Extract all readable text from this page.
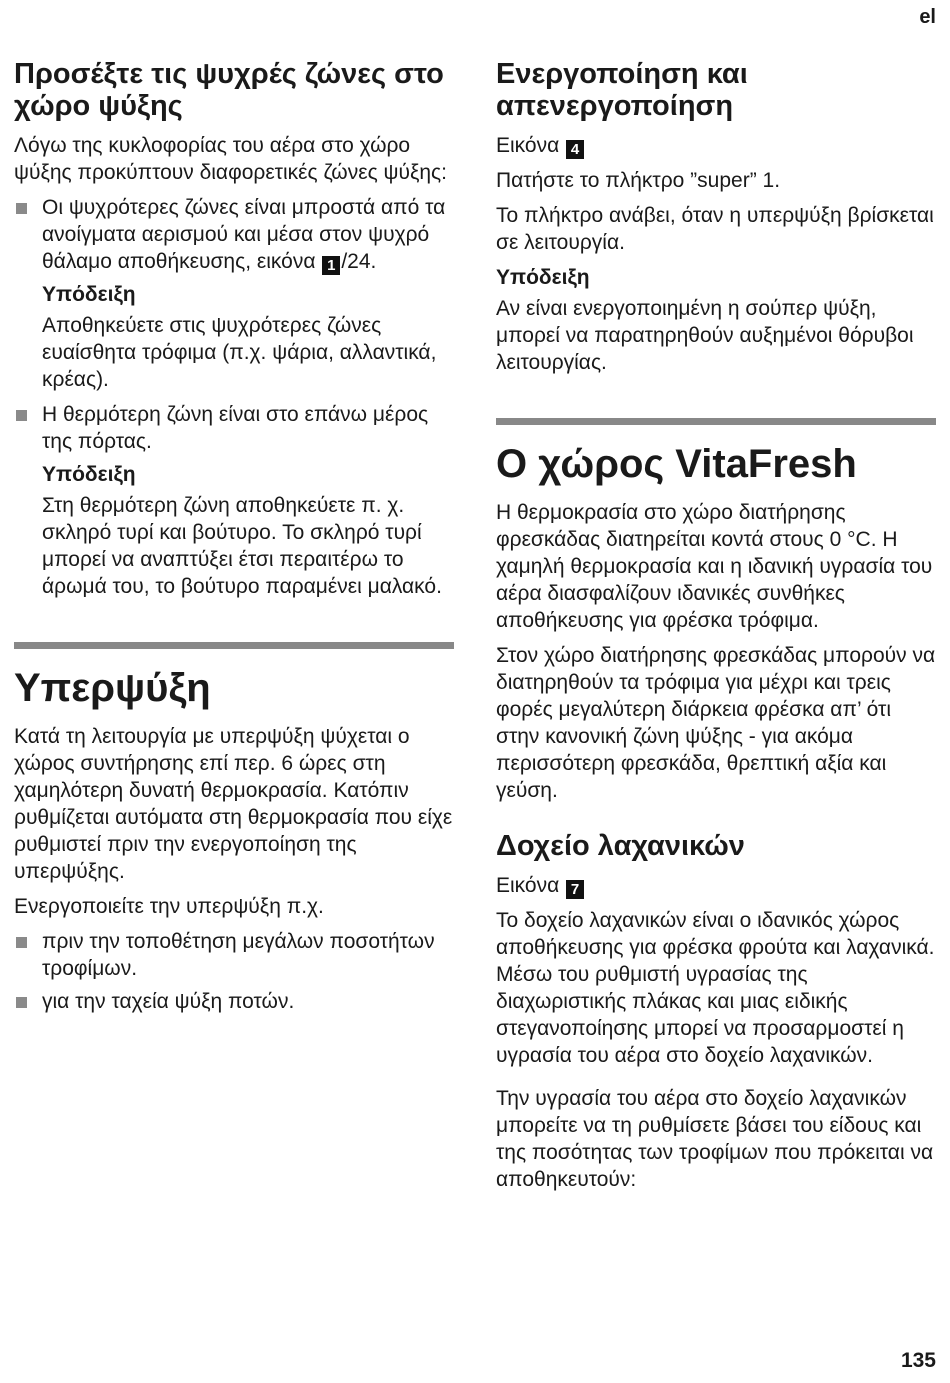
el
Προσέξτε τις ψυχρές ζώνες στο χώρο ψύξης

Λόγω της κυκλοφορίας του αέρα στο χώρο ψύξης προκύπτουν διαφορετικές ζώνες ψύξης:

Οι ψυχρότερες ζώνες είναι μπροστά από τα ανοίγματα αερισμού και μέσα στον ψυχρό θάλαμο αποθήκευσης, εικόνα 1 /24.

Υπόδειξη

Αποθηκεύετε στις ψυχρότερες ζώνες ευαίσθητα τρόφιμα (π.χ. ψάρια, αλλαντικά, κρέας).

Η θερμότερη ζώνη είναι στο επάνω μέρος της πόρτας.

Υπόδειξη

Στη θερμότερη ζώνη αποθηκεύετε π. χ. σκληρό τυρί και βούτυρο. Το σκληρό τυρί μπορεί να αναπτύξει έτσι περαιτέρω το άρωμά του, το βούτυρο παραμένει μαλακό.

Υπερψύξη

Κατά τη λειτουργία με υπερψύξη ψύχεται ο χώρος συντήρησης επί περ. 6 ώρες στη χαμηλότερη δυνατή θερμοκρασία. Κατόπιν ρυθμίζεται αυτόματα στη θερμοκρασία που είχε ρυθμιστεί πριν την ενεργοποίηση της υπερψύξης.

Ενεργοποιείτε την υπερψύξη π.χ.

πριν την τοποθέτηση μεγάλων ποσοτήτων τροφίμων.

για την ταχεία ψύξη ποτών.

Ενεργοποίηση και απενεργοποίηση

Εικόνα 4

Πατήστε το πλήκτρο ”super” 1.

Το πλήκτρο ανάβει, όταν η υπερψύξη βρίσκεται σε λειτουργία.

Υπόδειξη

Αν είναι ενεργοποιημένη η σούπερ ψύξη, μπορεί να παρατηρηθούν αυξημένοι θόρυβοι λειτουργίας.

Ο χώρος VitaFresh

Η θερμοκρασία στο χώρο διατήρησης φρεσκάδας διατηρείται κοντά στους 0 °C. Η χαμηλή θερμοκρασία και η ιδανική υγρασία του αέρα διασφαλίζουν ιδανικές συνθήκες αποθήκευσης για φρέσκα τρόφιμα.

Στον χώρο διατήρησης φρεσκάδας μπορούν να διατηρηθούν τα τρόφιμα για μέχρι και τρεις φορές μεγαλύτερη διάρκεια φρέσκα απ’ ότι στην κανονική ζώνη ψύξης - για ακόμα περισσότερη φρεσκάδα, θρεπτική αξία και γεύση.

Δοχείο λαχανικών

Εικόνα 7

Το δοχείο λαχανικών είναι ο ιδανικός χώρος αποθήκευσης για φρέσκα φρούτα και λαχανικά. Μέσω του ρυθμιστή υγρασίας της διαχωριστικής πλάκας και μιας ειδικής στεγανοποίησης μπορεί να προσαρμοστεί η υγρασία του αέρα στο δοχείο λαχανικών.

Την υγρασία του αέρα στο δοχείο λαχανικών μπορείτε να τη ρυθμίσετε βάσει του είδους και της ποσότητας των τροφίμων που πρόκειται να αποθηκευτούν:

135
